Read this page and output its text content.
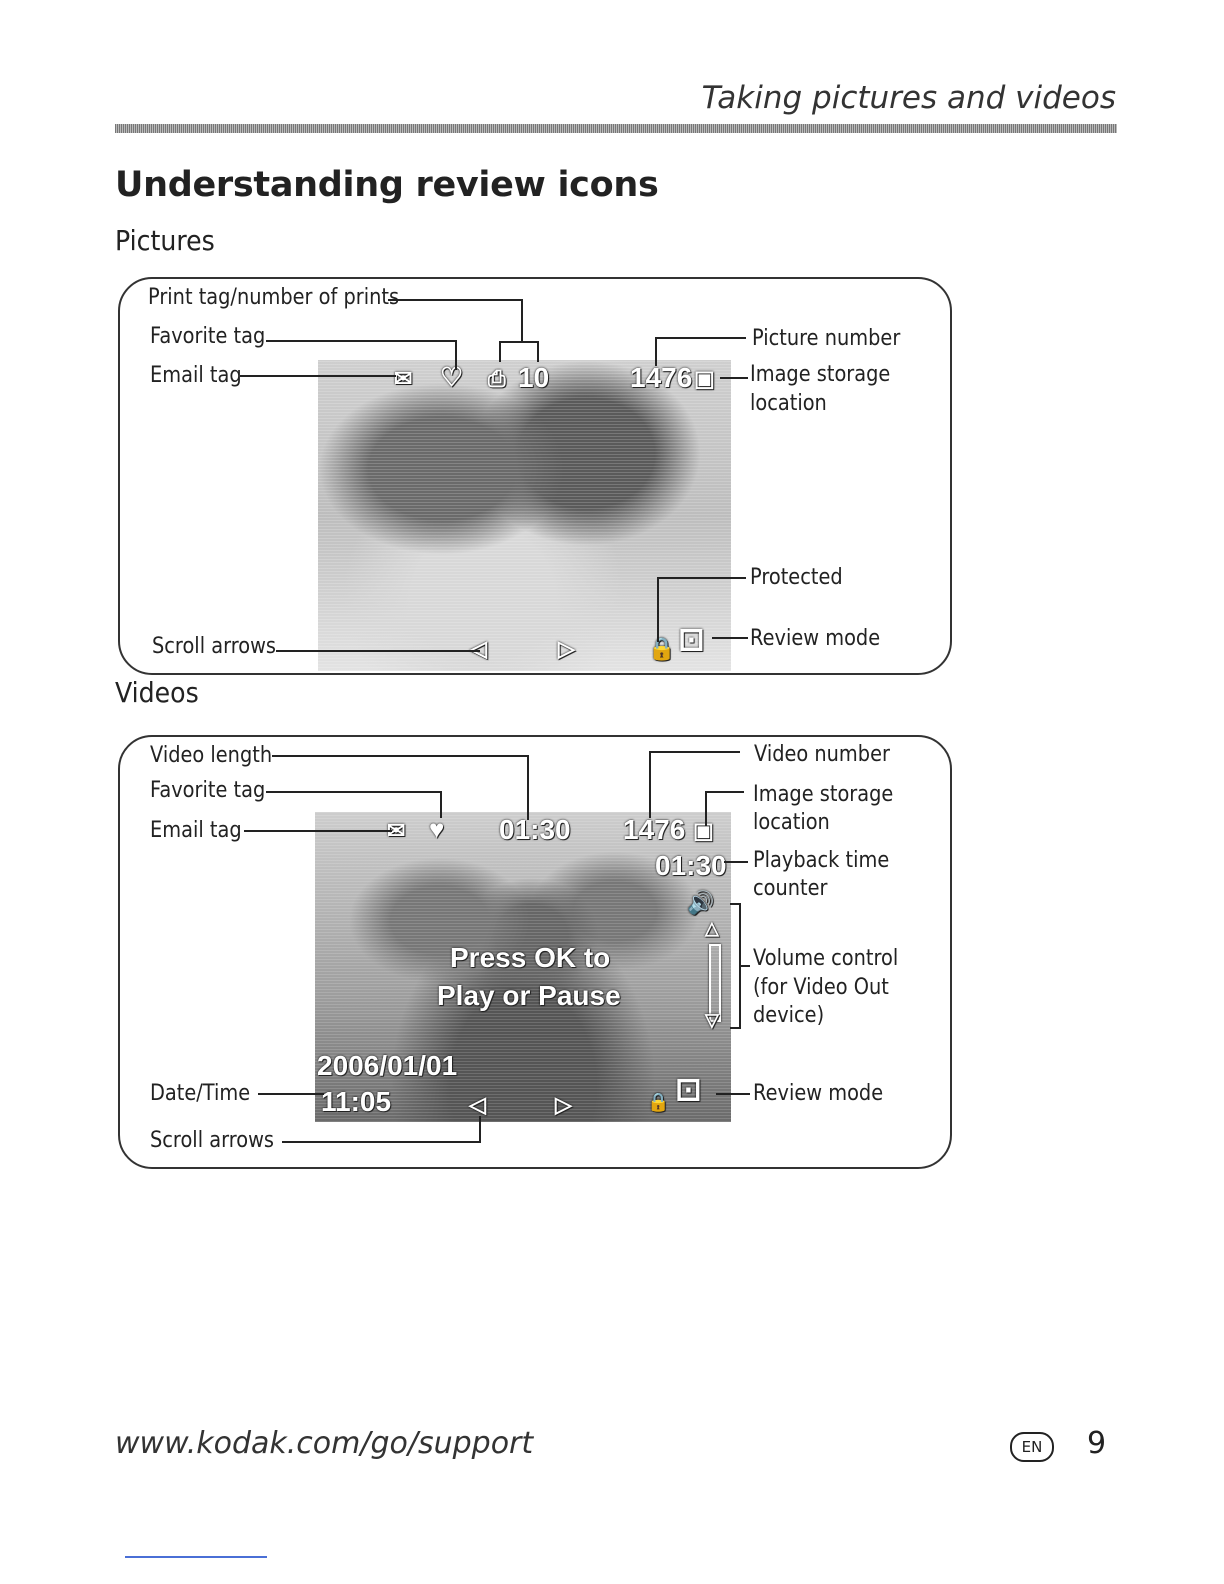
Taking pictures and videos
Understanding review icons
Pictures
✉ ♡ ⎙ 10	1476 ▣
◁	▷	🔒 ⊡
Print tag/number of prints
Favorite tag
Email tag
Scroll arrows
Picture number
Image storage
location
Protected
Review mode
Videos
✉ ♥ 01:30 1476 ▣
01:30
🔊
△
▽
Press OK to
Play or Pause
2006/01/01
11:05	◁	▷	🔒 ⊡
Video length
Favorite tag
Email tag
Date/Time
Scroll arrows
Video number
Image storage
location
Playback time
counter
Volume control
(for Video Out
device)
Review mode
www.kodak.com/go/support	EN	9
